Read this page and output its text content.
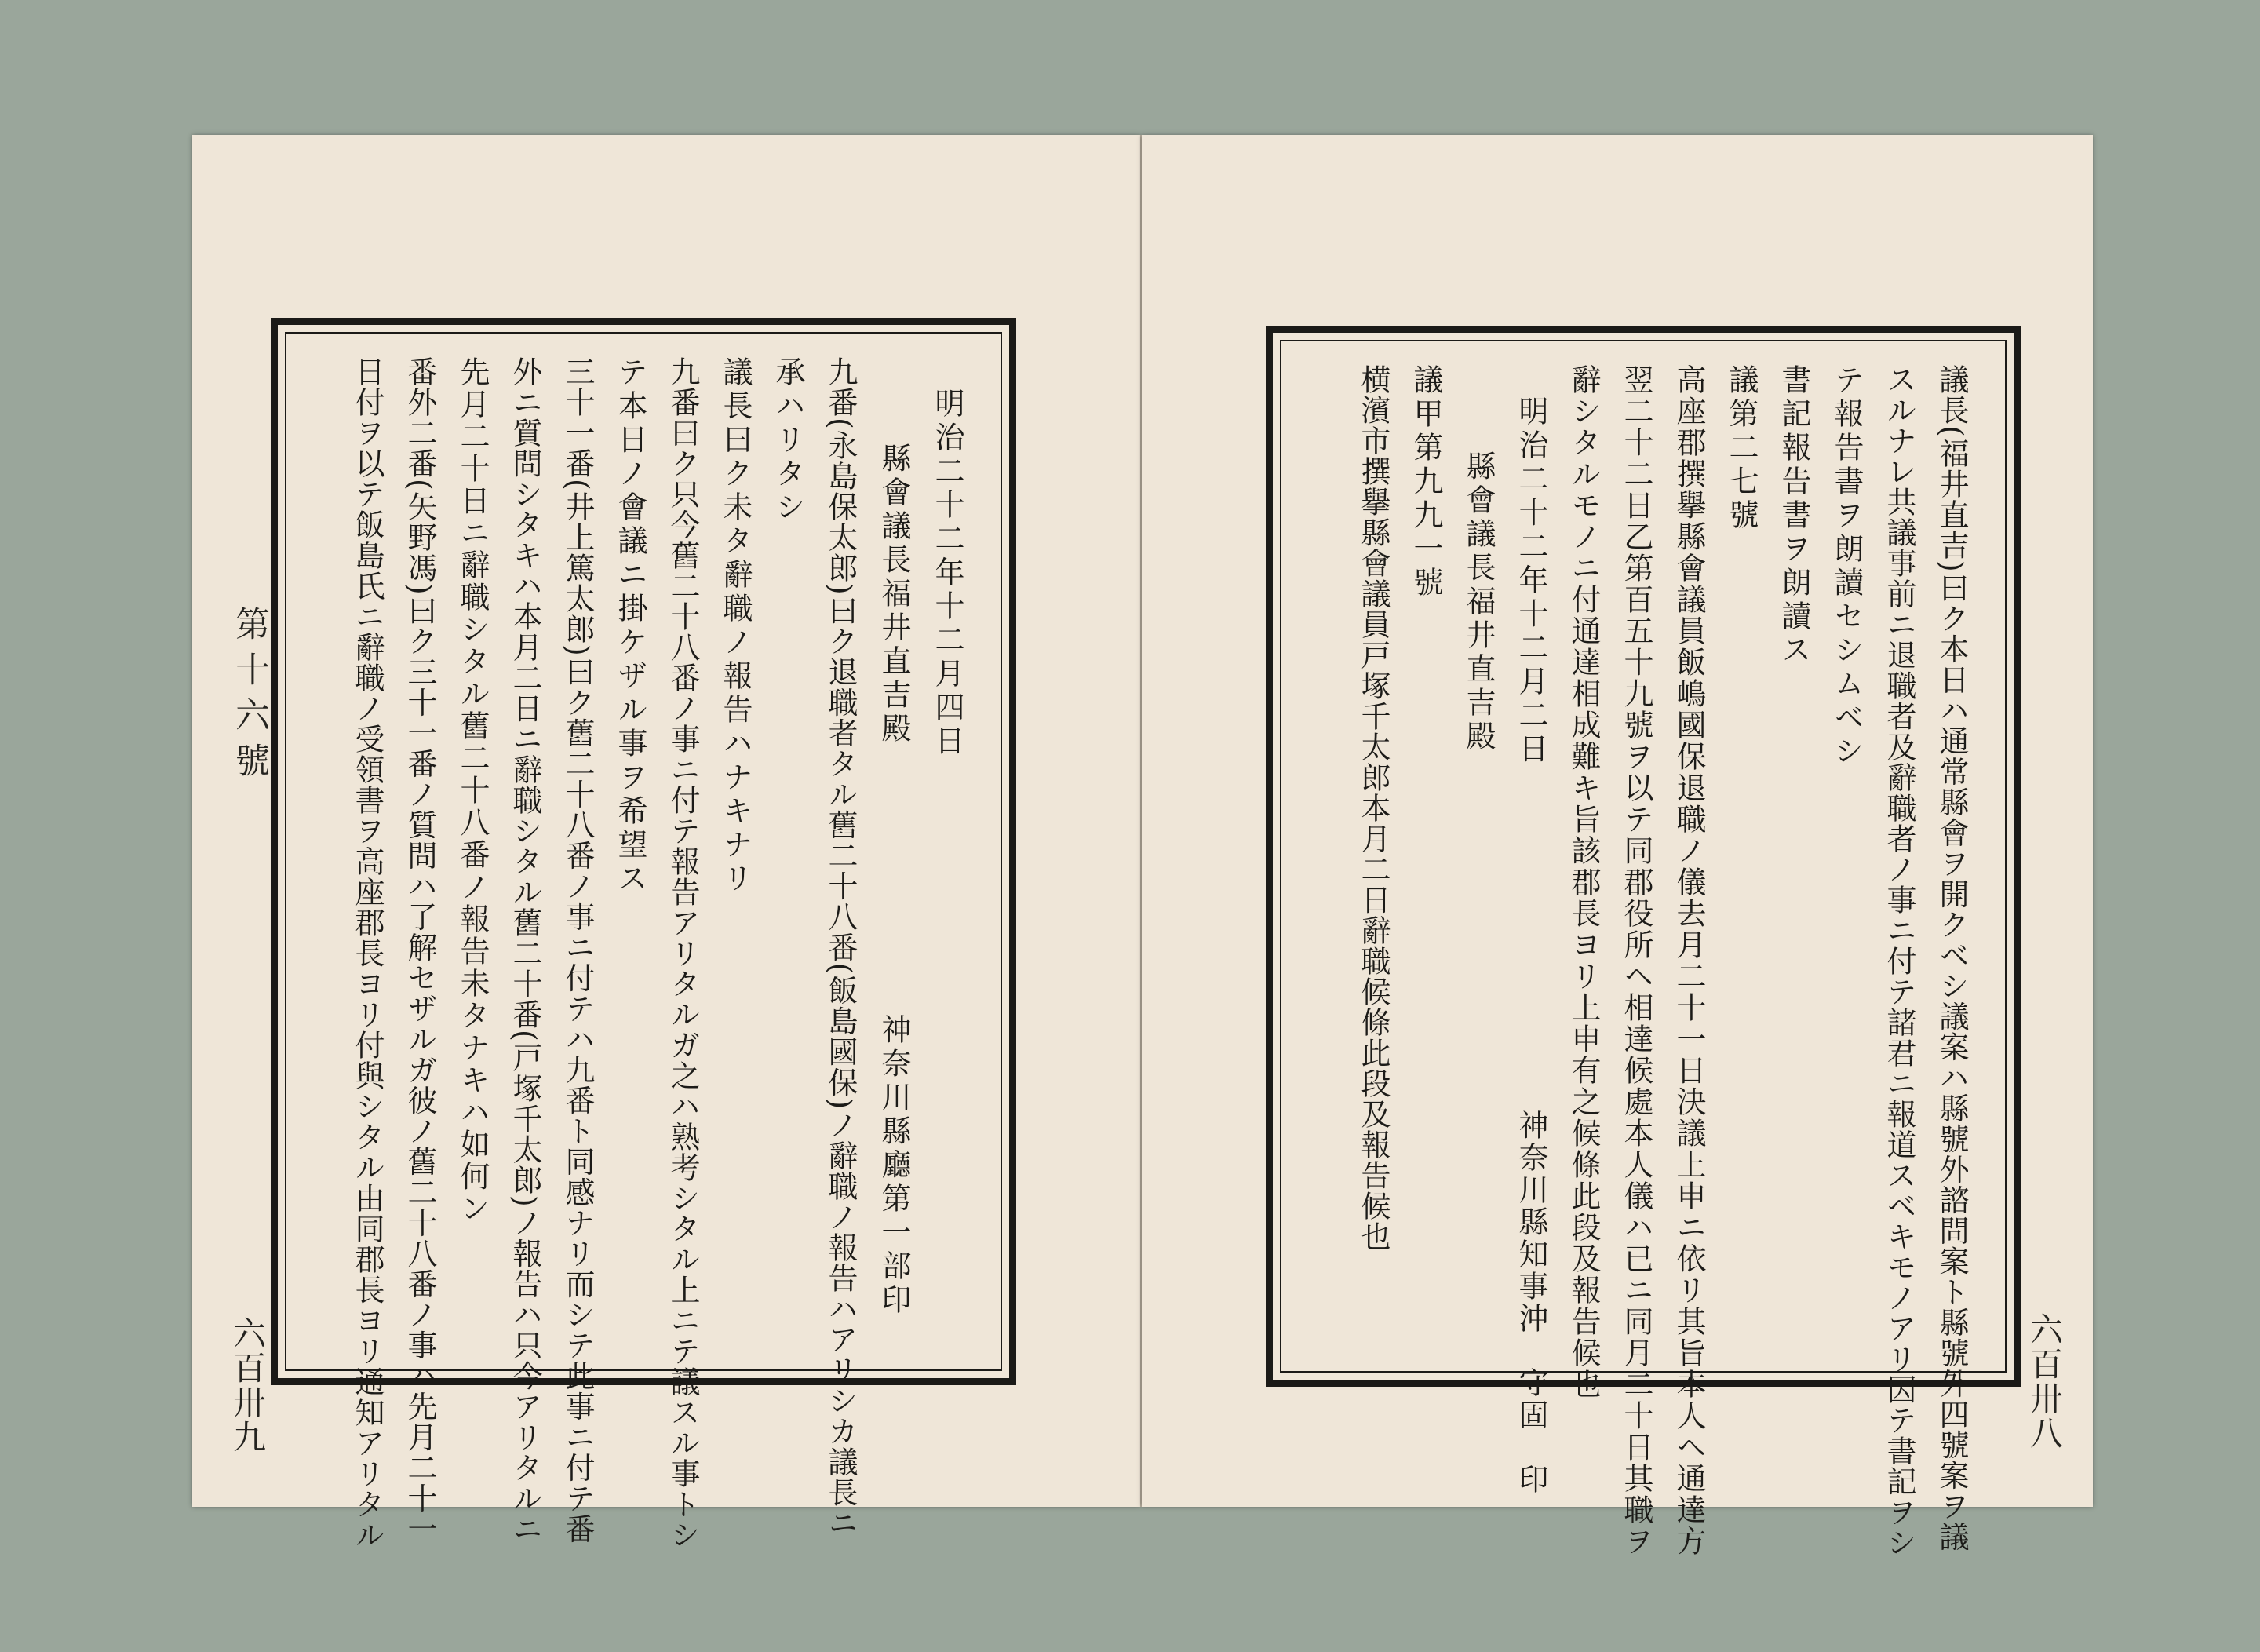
第十六號
六百卅九
明治二十二年十二月四日
縣會議長福井直吉殿
神奈川縣廳第一部印
九番(永島保太郎)曰ク退職者タル舊二十八番(飯島國保)ノ辭職ノ報告ハアリシカ議長ニ
承ハリタシ
議長曰ク未タ辭職ノ報告ハナキナリ
九番曰ク只今舊二十八番ノ事ニ付テ報告アリタルガ之ハ熟考シタル上ニテ議スル事トシ
テ本日ノ會議ニ掛ケザル事ヲ希望ス
三十一番(井上篤太郎)曰ク舊二十八番ノ事ニ付テハ九番ト同感ナリ而シテ此事ニ付テ番
外ニ質問シタキハ本月二日ニ辭職シタル舊二十番(戸塚千太郎)ノ報告ハ只今アリタルニ
先月二十日ニ辭職シタル舊二十八番ノ報告未タナキハ如何ン
番外二番(矢野馮)曰ク三十一番ノ質問ハ了解セザルガ彼ノ舊二十八番ノ事ハ先月二十一
日付ヲ以テ飯島氏ニ辭職ノ受領書ヲ高座郡長ヨリ付與シタル由同郡長ヨリ通知アリタル	六百卅八
議長(福井直吉)曰ク本日ハ通常縣會ヲ開クベシ議案ハ縣號外諮問案ト縣號外四號案ヲ議
スルナレ共議事前ニ退職者及辭職者ノ事ニ付テ諸君ニ報道スベキモノアリ因テ書記ヲシ
テ報告書ヲ朗讀セシムベシ
書記報告書ヲ朗讀ス
議第二七號
高座郡撰擧縣會議員飯嶋國保退職ノ儀去月二十一日決議上申ニ依リ其旨本人ヘ通達方
翌二十二日乙第百五十九號ヲ以テ同郡役所ヘ相達候處本人儀ハ已ニ同月二十日其職ヲ
辭シタルモノニ付通達相成難キ旨該郡長ヨリ上申有之候條此段及報告候也
明治二十二年十二月二日
神奈川縣知事沖　守固　印
縣會議長福井直吉殿
議甲第九九一號
横濱市撰擧縣會議員戸塚千太郎本月二日辭職候條此段及報告候也
